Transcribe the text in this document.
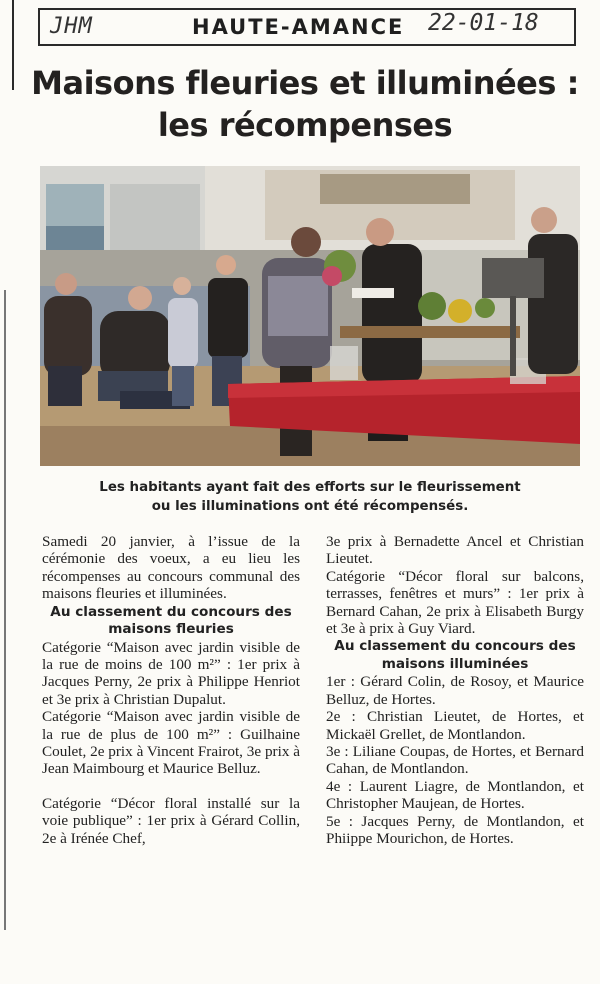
JHM	HAUTE-AMANCE 22-01-18
Maisons fleuries et illuminées :
les récompenses
Les habitants ayant fait des efforts sur le fleurissement
ou les illuminations ont été récompensés.

Samedi 20 janvier, à l’issue de la cérémonie des voeux, a eu lieu les récompenses au concours communal des maisons fleuries et illuminées.

Au classement du concours des maisons fleuries

Catégorie “Maison avec jardin visible de la rue de moins de 100 m²” : 1er prix à Jacques Perny, 2e prix à Philippe Henriot et 3e prix à Christian Dupalut.

Catégorie “Maison avec jardin visible de la rue de plus de 100 m²” : Guilhaine Coulet, 2e prix à Vincent Frairot, 3e prix à Jean Maimbourg et Maurice Belluz.

Catégorie “Décor floral installé sur la voie publique” : 1er prix à Gérard Collin, 2e à Irénée Chef,

3e prix à Bernadette Ancel et Christian Lieutet.

Catégorie “Décor floral sur balcons, terrasses, fenêtres et murs” : 1er prix à Bernard Cahan, 2e prix à Elisabeth Burgy et 3e à prix à Guy Viard.

Au classement du concours des maisons illuminées

1er : Gérard Colin, de Rosoy, et Maurice Belluz, de Hortes.

2e : Christian Lieutet, de Hortes, et Mickaël Grellet, de Montlandon.

3e : Liliane Coupas, de Hortes, et Bernard Cahan, de Montlandon.

4e : Laurent Liagre, de Montlandon, et Christopher Maujean, de Hortes.

5e : Jacques Perny, de Montlandon, et Phiippe Mourichon, de Hortes.
